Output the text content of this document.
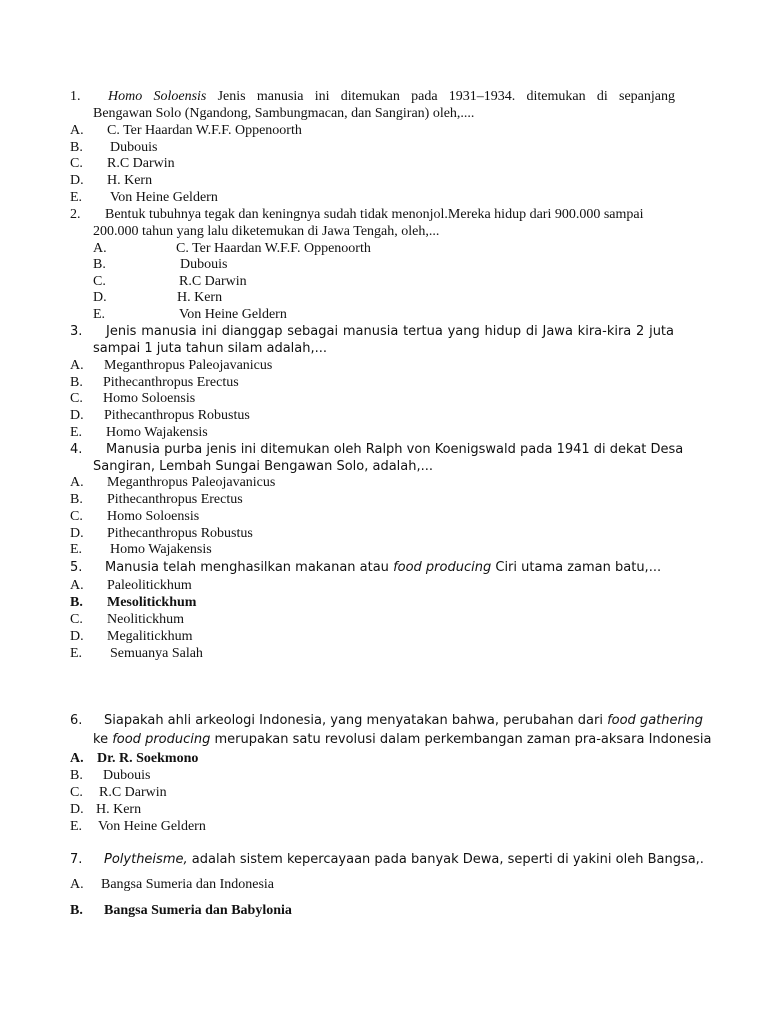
1.	Homo Soloensis Jenis manusia ini ditemukan pada 1931–1934. ditemukan di sepanjang
Bengawan Solo (Ngandong, Sambungmacan, dan Sangiran) oleh,....
A. C. Ter Haardan W.F.F. Oppenoorth
B. Dubouis
C. R.C Darwin
D. H. Kern
E. Von Heine Geldern
2. Bentuk tubuhnya tegak dan keningnya sudah tidak menonjol.Mereka hidup dari 900.000 sampai
200.000 tahun yang lalu diketemukan di Jawa Tengah, oleh,...
A.	C. Ter Haardan W.F.F. Oppenoorth
B.	Dubouis
C.	R.C Darwin
D.	H. Kern
E.	Von Heine Geldern
3. Jenis manusia ini dianggap sebagai manusia tertua yang hidup di Jawa kira-kira 2 juta
sampai 1 juta tahun silam adalah,...
A. Meganthropus Paleojavanicus
B. Pithecanthropus Erectus
C. Homo Soloensis
D. Pithecanthropus Robustus
E. Homo Wajakensis
4. Manusia purba jenis ini ditemukan oleh Ralph von Koenigswald pada 1941 di dekat Desa
Sangiran, Lembah Sungai Bengawan Solo, adalah,...
A. Meganthropus Paleojavanicus
B. Pithecanthropus Erectus
C. Homo Soloensis
D. Pithecanthropus Robustus
E. Homo Wajakensis
5. Manusia telah menghasilkan makanan atau food producing Ciri utama zaman batu,...
A. Paleolitickhum
B. Mesolitickhum
C. Neolitickhum
D. Megalitickhum
E. Semuanya Salah
6. Siapakah ahli arkeologi Indonesia, yang menyatakan bahwa, perubahan dari food gathering
ke food producing merupakan satu revolusi dalam perkembangan zaman pra-aksara Indonesia
A. Dr. R. Soekmono
B. Dubouis
C. R.C Darwin
D. H. Kern
E. Von Heine Geldern
7. Polytheisme, adalah sistem kepercayaan pada banyak Dewa, seperti di yakini oleh Bangsa,.
A. Bangsa Sumeria dan Indonesia
B. Bangsa Sumeria dan Babylonia
